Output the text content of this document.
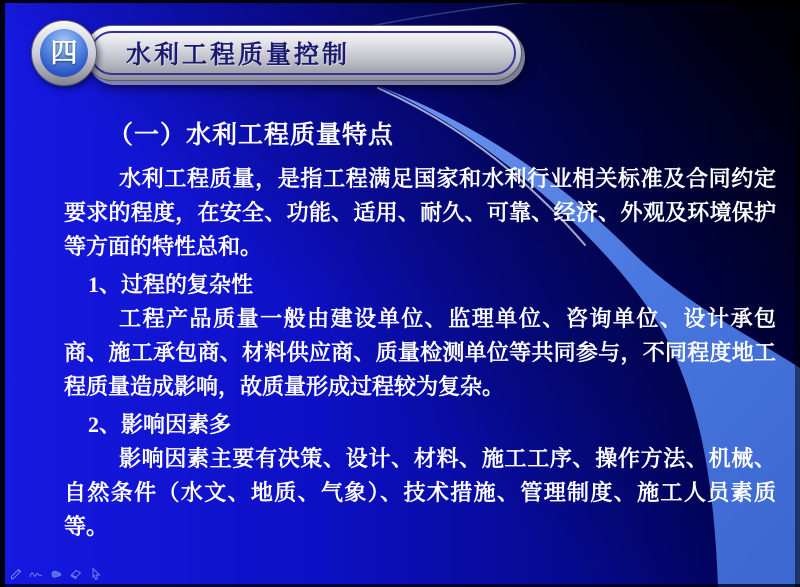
水利工程质量控制
四
（一）水利工程质量特点

水利工程质量，是指工程满足国家和水利行业相关标准及合同约定要求的程度，在安全、功能、适用、耐久、可靠、经济、外观及环境保护等方面的特性总和。

1、过程的复杂性

工程产品质量一般由建设单位、监理单位、咨询单位、设计承包商、施工承包商、材料供应商、质量检测单位等共同参与，不同程度地工程质量造成影响，故质量形成过程较为复杂。

2、影响因素多

影响因素主要有决策、设计、材料、施工工序、操作方法、机械、自然条件（水文、地质、气象）、技术措施、管理制度、施工人员素质等。
